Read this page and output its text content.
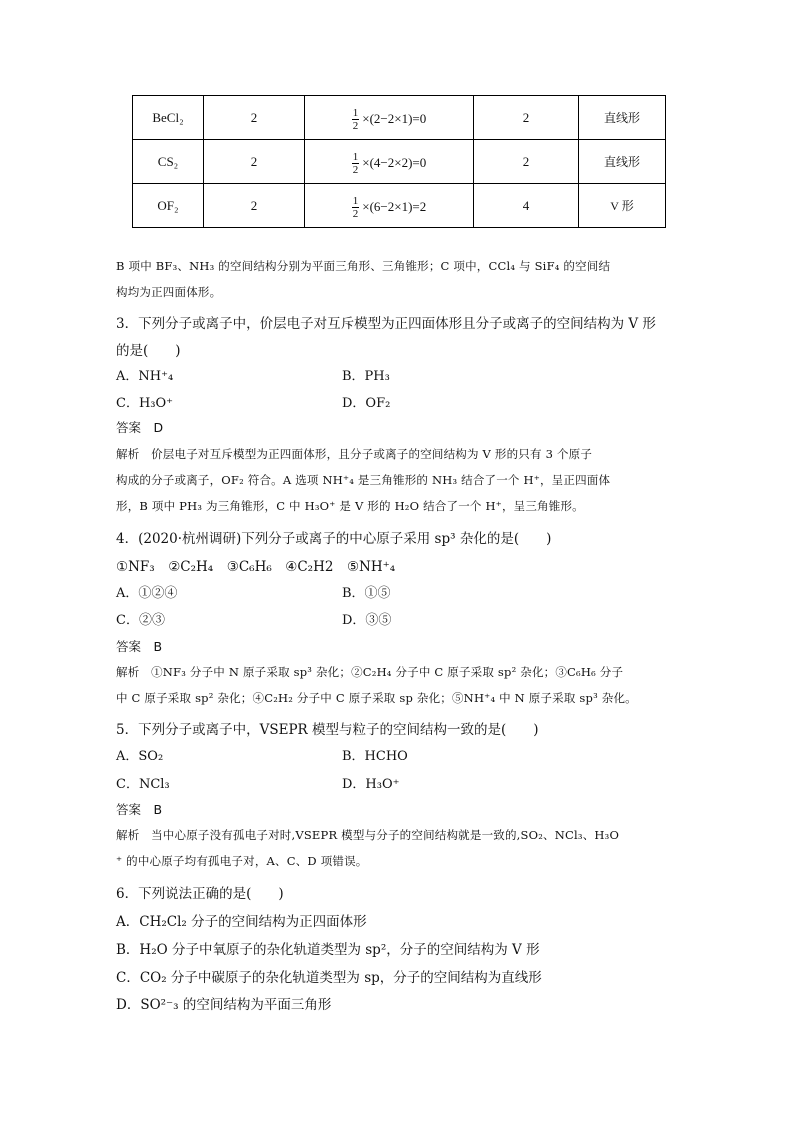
BeCl₂	2	$\frac{1}{2} \times(2-2\times 1)=0$	2	直线形
CS₂	2	$\frac{1}{2} \times(4-2\times 2)=0$	2	直线形
OF₂	2	$\frac{1}{2} \times(6-2\times 1)=2$	4	V 形
B 项中 BF₃、NH₃ 的空间结构分别为平面三角形、三角锥形；C 项中，CCl₄ 与 SiF₄ 的空间结
构均为正四面体形。
3．下列分子或离子中，价层电子对互斥模型为正四面体形且分子或离子的空间结构为 V 形
的是(　　)
答案　D
解析　价层电子对互斥模型为正四面体形，且分子或离子的空间结构为 V 形的只有 3 个原子
构成的分子或离子，OF₂ 符合。A 选项 NH⁺₄ 是三角锥形的 NH₃ 结合了一个 H⁺，呈正四面体
形，B 项中 PH₃ 为三角锥形，C 中 H₃O⁺ 是 V 形的 H₂O 结合了一个 H⁺，呈三角锥形。
4．(2020·杭州调研)下列分子或离子的中心原子采用 sp³ 杂化的是(　　)
①NF₃　②C₂H₄　③C₆H₆　④C₂H2　⑤NH⁺₄
答案　B
解析　①NF₃ 分子中 N 原子采取 sp³ 杂化；②C₂H₄ 分子中 C 原子采取 sp² 杂化；③C₆H₆ 分子
中 C 原子采取 sp² 杂化；④C₂H₂ 分子中 C 原子采取 sp 杂化；⑤NH⁺₄ 中 N 原子采取 sp³ 杂化。
5．下列分子或离子中，VSEPR 模型与粒子的空间结构一致的是(　　)
答案　B
解析　当中心原子没有孤电子对时,VSEPR 模型与分子的空间结构就是一致的,SO₂、NCl₃、H₃O
⁺ 的中心原子均有孤电子对，A、C、D 项错误。
6．下列说法正确的是(　　)
A．CH₂Cl₂ 分子的空间结构为正四面体形
B．H₂O 分子中氧原子的杂化轨道类型为 sp²，分子的空间结构为 V 形
C．CO₂ 分子中碳原子的杂化轨道类型为 sp，分子的空间结构为直线形
D．SO²⁻₃ 的空间结构为平面三角形
A．NH⁺₄	B．PH₃
C．H₃O⁺	D．OF₂
A．①②④	B．①⑤
C．②③	D．③⑤
A．SO₂	B．HCHO
C．NCl₃	D．H₃O⁺
